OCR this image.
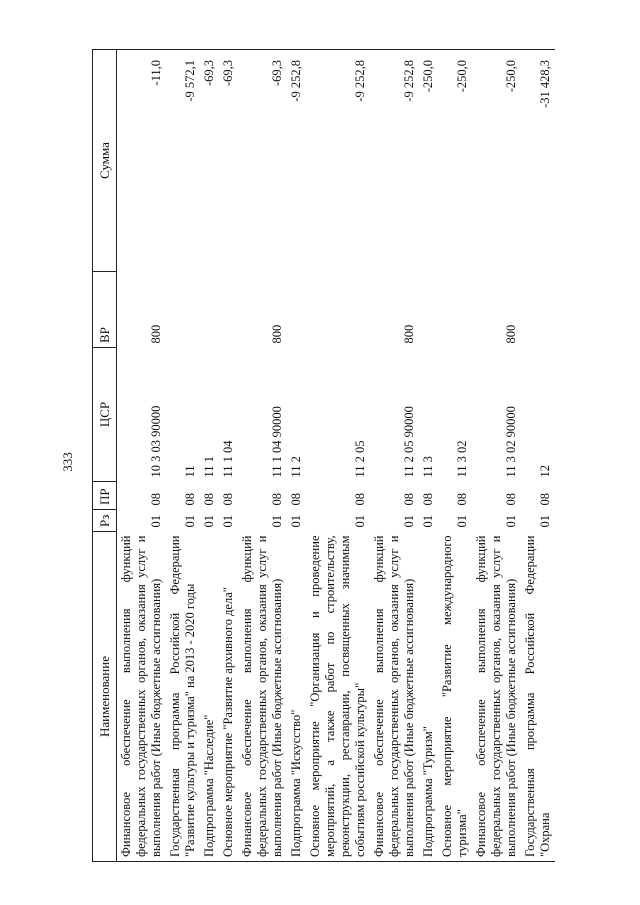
333
Наименование	Рз	ПР	ЦСР	ВР	Сумма
Финансовое обеспечение выполнения функций федеральных государственных органов, оказания услуг и выполнения работ (Иные бюджетные ассигнования)	01	08	10 3 03 90000	800	-11,0
Государственная программа Российской Федерации "Развитие культуры и туризма" на 2013 - 2020 годы	01	08	11		-9 572,1
Подпрограмма "Наследие"	01	08	11 1		-69,3
Основное мероприятие "Развитие архивного дела"	01	08	11 1 04		-69,3
Финансовое обеспечение выполнения функций федеральных государственных органов, оказания услуг и выполнения работ (Иные бюджетные ассигнования)	01	08	11 1 04 90000	800	-69,3
Подпрограмма "Искусство"	01	08	11 2		-9 252,8
Основное мероприятие "Организация и проведение мероприятий, а также работ по строительству, реконструкции, реставрации, посвященных значимым событиям российской культуры"	01	08	11 2 05		-9 252,8
Финансовое обеспечение выполнения функций федеральных государственных органов, оказания услуг и выполнения работ (Иные бюджетные ассигнования)	01	08	11 2 05 90000	800	-9 252,8
Подпрограмма "Туризм"	01	08	11 3		-250,0
Основное мероприятие "Развитие международного туризма"	01	08	11 3 02		-250,0
Финансовое обеспечение выполнения функций федеральных государственных органов, оказания услуг и выполнения работ (Иные бюджетные ассигнования)	01	08	11 3 02 90000	800	-250,0
Государственная программа Российской Федерации "Охрана	01	08	12		-31 428,3
